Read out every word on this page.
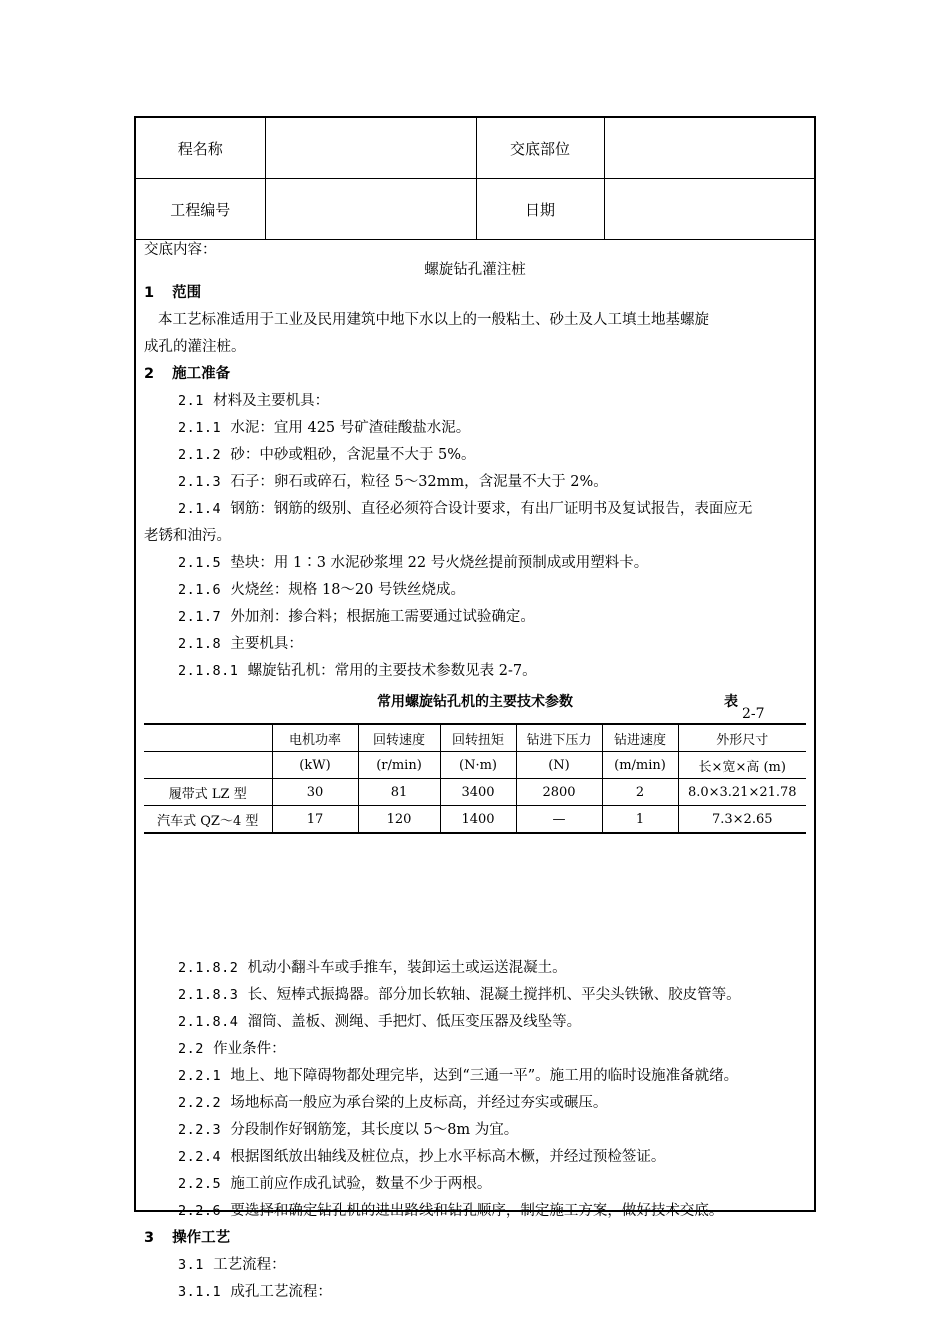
程名称		交底部位	
工程编号		日期	
交底内容：
螺旋钻孔灌注桩
1 范围
本工艺标准适用于工业及民用建筑中地下水以上的一般粘土、砂土及人工填土地基螺旋
成孔的灌注桩。
2 施工准备
2.1 材料及主要机具：
2.1.1 水泥：宜用 425 号矿渣硅酸盐水泥。
2.1.2 砂：中砂或粗砂，含泥量不大于 5%。
2.1.3 石子：卵石或碎石，粒径 5～32mm，含泥量不大于 2%。
2.1.4 钢筋：钢筋的级别、直径必须符合设计要求，有出厂证明书及复试报告，表面应无
老锈和油污。
2.1.5 垫块：用 1∶3 水泥砂浆埋 22 号火烧丝提前预制成或用塑料卡。
2.1.6 火烧丝：规格 18～20 号铁丝烧成。
2.1.7 外加剂：掺合料；根据施工需要通过试验确定。
2.1.8 主要机具：
2.1.8.1 螺旋钻孔机：常用的主要技术参数见表 2-7。
常用螺旋钻孔机的主要技术参数	表
2-7
2.1.8.2 机动小翻斗车或手推车，装卸运土或运送混凝土。
2.1.8.3 长、短棒式振捣器。部分加长软轴、混凝土搅拌机、平尖头铁锹、胶皮管等。
2.1.8.4 溜筒、盖板、测绳、手把灯、低压变压器及线坠等。
2.2 作业条件：
2.2.1 地上、地下障碍物都处理完毕，达到“三通一平”。施工用的临时设施准备就绪。
2.2.2 场地标高一般应为承台梁的上皮标高，并经过夯实或碾压。
2.2.3 分段制作好钢筋笼，其长度以 5～8m 为宜。
2.2.4 根据图纸放出轴线及桩位点，抄上水平标高木橛，并经过预检签证。
2.2.5 施工前应作成孔试验，数量不少于两根。
2.2.6 要选择和确定钻孔机的进出路线和钻孔顺序，制定施工方案，做好技术交底。
3 操作工艺
3.1 工艺流程：
3.1.1 成孔工艺流程：
	电机功率	回转速度	回转扭矩	钻进下压力	钻进速度	外形尺寸
	(kW)	(r/min)	(N·m)	(N)	(m/min)	长×宽×高 (m)
履带式 LZ 型	30	81	3400	2800	2	8.0×3.21×21.78
汽车式 QZ～4 型	17	120	1400	—	1	7.3×2.65
